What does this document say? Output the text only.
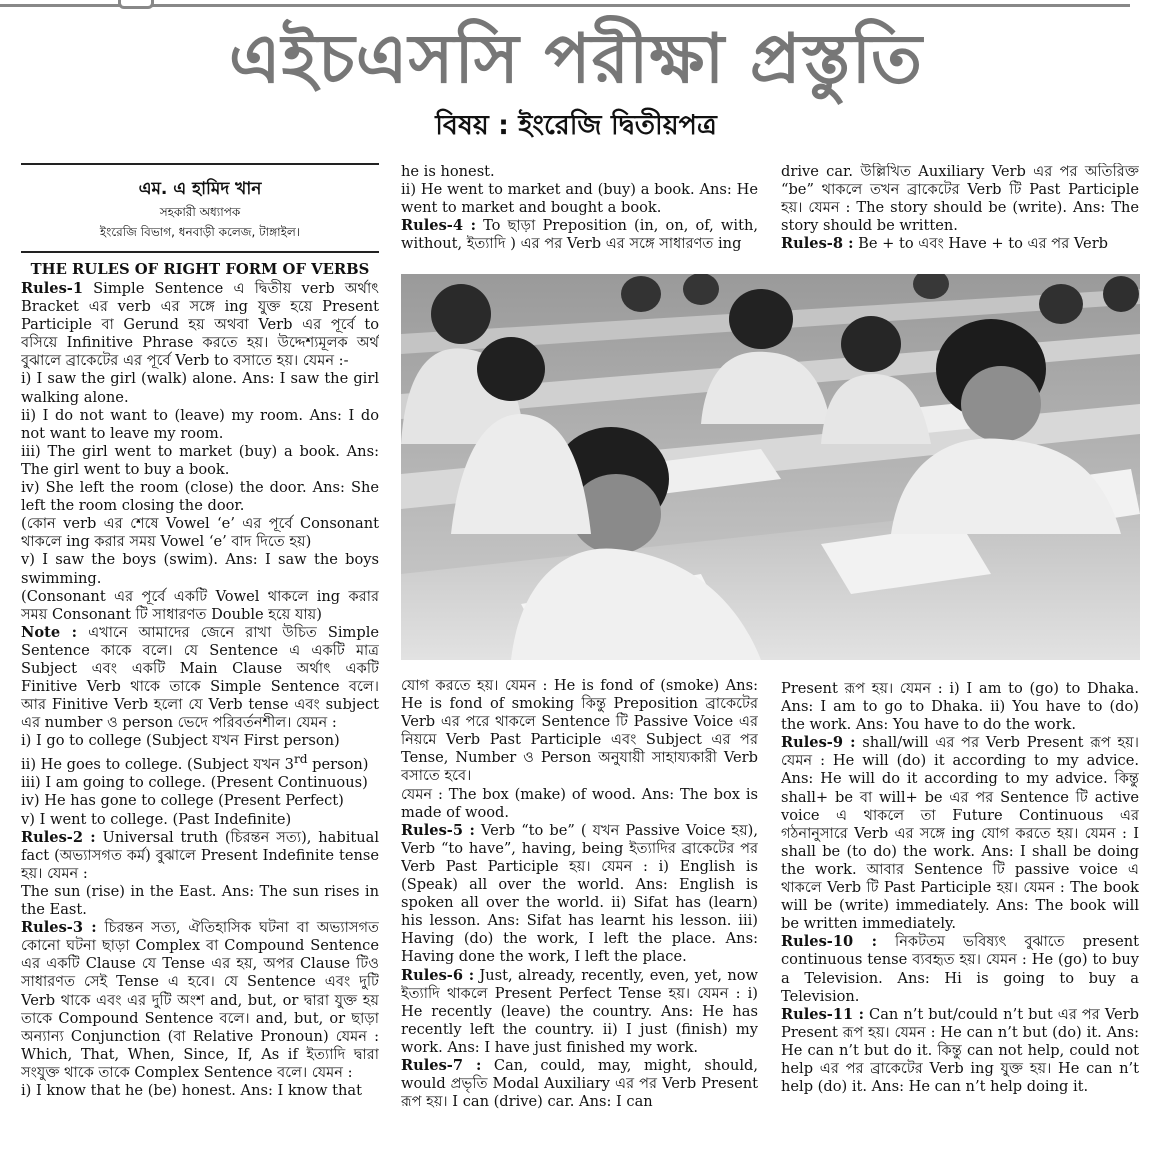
এইচএসসি পরীক্ষা প্রস্তুতি
বিষয় : ইংরেজি দ্বিতীয়পত্র
এম. এ হামিদ খান
সহকারী অধ্যাপক
ইংরেজি বিভাগ, ধনবাড়ী কলেজ, টাঙ্গাইল।

THE RULES OF RIGHT FORM OF VERBS

Rules-1 Simple Sentence এ দ্বিতীয় verb অর্থাৎ Bracket এর verb এর সঙ্গে ing যুক্ত হয়ে Present Participle বা Gerund হয় অথবা Verb এর পূর্বে to বসিয়ে Infinitive Phrase করতে হয়। উদ্দেশ্যমূলক অর্থ বুঝালে ব্রাকেটের এর পূর্বে Verb to বসাতে হয়। যেমন :-

i) I saw the girl (walk) alone. Ans: I saw the girl walking alone.

ii) I do not want to (leave) my room. Ans: I do not want to leave my room.

iii) The girl went to market (buy) a book. Ans: The girl went to buy a book.

iv) She left the room (close) the door. Ans: She left the room closing the door.

(কোন verb এর শেষে Vowel ‘e’ এর পূর্বে Consonant থাকলে ing করার সময় Vowel ‘e’ বাদ দিতে হয়)

v) I saw the boys (swim). Ans: I saw the boys swimming.

(Consonant এর পূর্বে একটি Vowel থাকলে ing করার সময় Consonant টি সাধারণত Double হয়ে যায়)

Note : এখানে আমাদের জেনে রাখা উচিত Simple Sentence কাকে বলে। যে Sentence এ একটি মাত্র Subject এবং একটি Main Clause অর্থাৎ একটি Finitive Verb থাকে তাকে Simple Sentence বলে। আর Finitive Verb হলো যে Verb tense এবং subject এর number ও person ভেদে পরিবর্তনশীল। যেমন :

i) I go to college (Subject যখন First person)

ii) He goes to college. (Subject যখন 3rd person)

iii) I am going to college. (Present Continuous)

iv) He has gone to college (Present Perfect)

v) I went to college. (Past Indefinite)

Rules-2 : Universal truth (চিরন্তন সত্য), habitual fact (অভ্যাসগত কর্ম) বুঝালে Present Indefinite tense হয়। যেমন :

The sun (rise) in the East. Ans: The sun rises in the East.

Rules-3 : চিরন্তন সত্য, ঐতিহাসিক ঘটনা বা অভ্যাসগত কোনো ঘটনা ছাড়া Complex বা Compound Sentence এর একটি Clause যে Tense এর হয়, অপর Clause টিও সাধারণত সেই Tense এ হবে। যে Sentence এবং দুটি Verb থাকে এবং এর দুটি অংশ and, but, or দ্বারা যুক্ত হয় তাকে Compound Sentence বলে। and, but, or ছাড়া অন্যান্য Conjunction (বা Relative Pronoun) যেমন : Which, That, When, Since, If, As if ইত্যাদি দ্বারা সংযুক্ত থাকে তাকে Complex Sentence বলে। যেমন :

i) I know that he (be) honest. Ans: I know that

he is honest.

ii) He went to market and (buy) a book. Ans: He went to market and bought a book.

Rules-4 : To ছাড়া Preposition (in, on, of, with, without, ইত্যাদি ) এর পর Verb এর সঙ্গে সাধারণত ing

drive car. উল্লিখিত Auxiliary Verb এর পর অতিরিক্ত “be” থাকলে তখন ব্রাকেটের Verb টি Past Participle হয়। যেমন : The story should be (write). Ans: The story should be written.

Rules-8 : Be + to এবং Have + to এর পর Verb

যোগ করতে হয়। যেমন : He is fond of (smoke) Ans: He is fond of smoking কিন্তু Preposition ব্রাকেটের Verb এর পরে থাকলে Sentence টি Passive Voice এর নিয়মে Verb Past Participle এবং Subject এর পর Tense, Number ও Person অনুযায়ী সাহায্যকারী Verb বসাতে হবে।

যেমন : The box (make) of wood. Ans: The box is made of wood.

Rules-5 : Verb “to be” ( যখন Passive Voice হয়), Verb “to have”, having, being ইত্যাদির ব্রাকেটের পর Verb Past Participle হয়। যেমন : i) English is (Speak) all over the world. Ans: English is spoken all over the world. ii) Sifat has (learn) his lesson. Ans: Sifat has learnt his lesson. iii) Having (do) the work, I left the place. Ans: Having done the work, I left the place.

Rules-6 : Just, already, recently, even, yet, now ইত্যাদি থাকলে Present Perfect Tense হয়। যেমন : i) He recently (leave) the country. Ans: He has recently left the country. ii) I just (finish) my work. Ans: I have just finished my work.

Rules-7 : Can, could, may, might, should, would প্রভৃতি Modal Auxiliary এর পর Verb Present রূপ হয়। I can (drive) car. Ans: I can

Present রূপ হয়। যেমন : i) I am to (go) to Dhaka. Ans: I am to go to Dhaka. ii) You have to (do) the work. Ans: You have to do the work.

Rules-9 : shall/will এর পর Verb Present রূপ হয়। যেমন : He will (do) it according to my advice. Ans: He will do it according to my advice. কিন্তু shall+ be বা will+ be এর পর Sentence টি active voice এ থাকলে তা Future Continuous এর গঠনানুসারে Verb এর সঙ্গে ing যোগ করতে হয়। যেমন : I shall be (to do) the work. Ans: I shall be doing the work. আবার Sentence টি passive voice এ থাকলে Verb টি Past Participle হয়। যেমন : The book will be (write) immediately. Ans: The book will be written immediately.

Rules-10 : নিকটতম ভবিষ্যৎ বুঝাতে present continuous tense ব্যবহৃত হয়। যেমন : He (go) to buy a Television. Ans: Hi is going to buy a Television.

Rules-11 : Can n’t but/could n’t but এর পর Verb Present রূপ হয়। যেমন : He can n’t but (do) it. Ans: He can n’t but do it. কিন্তু can not help, could not help এর পর ব্রাকেটের Verb ing যুক্ত হয়। He can n’t help (do) it. Ans: He can n’t help doing it.
